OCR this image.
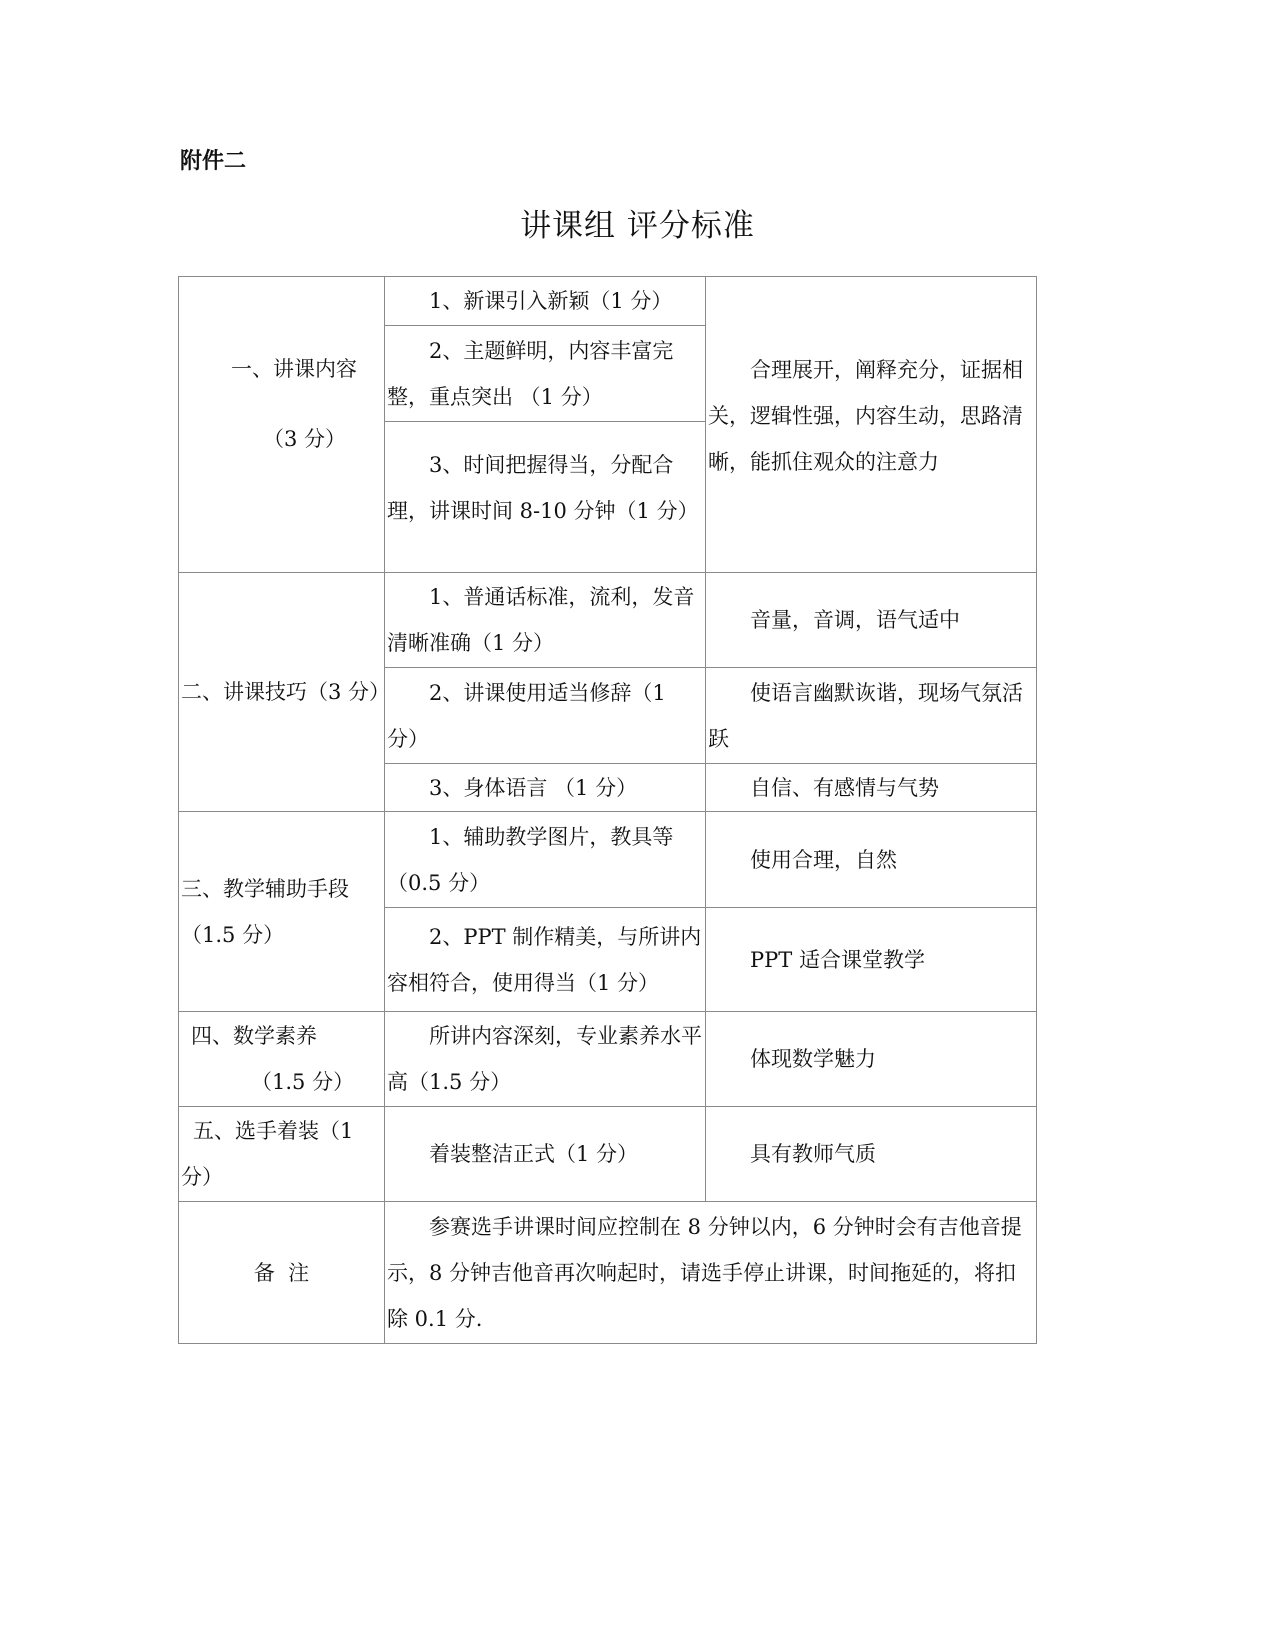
附件二
讲课组 评分标准
一、讲课内容
（3 分）	1、新课引入新颖（1 分）	合理展开，阐释充分，证据相关，逻辑性强，内容生动，思路清晰，能抓住观众的注意力
	2、主题鲜明，内容丰富完整，重点突出 （1 分）	
	3、时间把握得当，分配合理，讲课时间 8-10 分钟（1 分）	
二、讲课技巧（3 分）	1、普通话标准，流利，发音清晰准确（1 分）	音量，音调，语气适中
	2、讲课使用适当修辞（1 分）	使语言幽默诙谐，现场气氛活跃
	3、身体语言 （1 分）	自信、有感情与气势
三、教学辅助手段（1.5 分）	1、辅助教学图片，教具等（0.5 分）	使用合理，自然
	2、PPT 制作精美，与所讲内容相符合，使用得当（1 分）	PPT 适合课堂教学

四、数学素养
（1.5 分）	所讲内容深刻，专业素养水平高（1.5 分）	体现数学魅力
五、选手着装（1 分）	着装整洁正式（1 分）	具有教师气质
备  注	参赛选手讲课时间应控制在 8 分钟以内，6 分钟时会有吉他音提示，8 分钟吉他音再次响起时，请选手停止讲课，时间拖延的，将扣除 0.1 分.	
